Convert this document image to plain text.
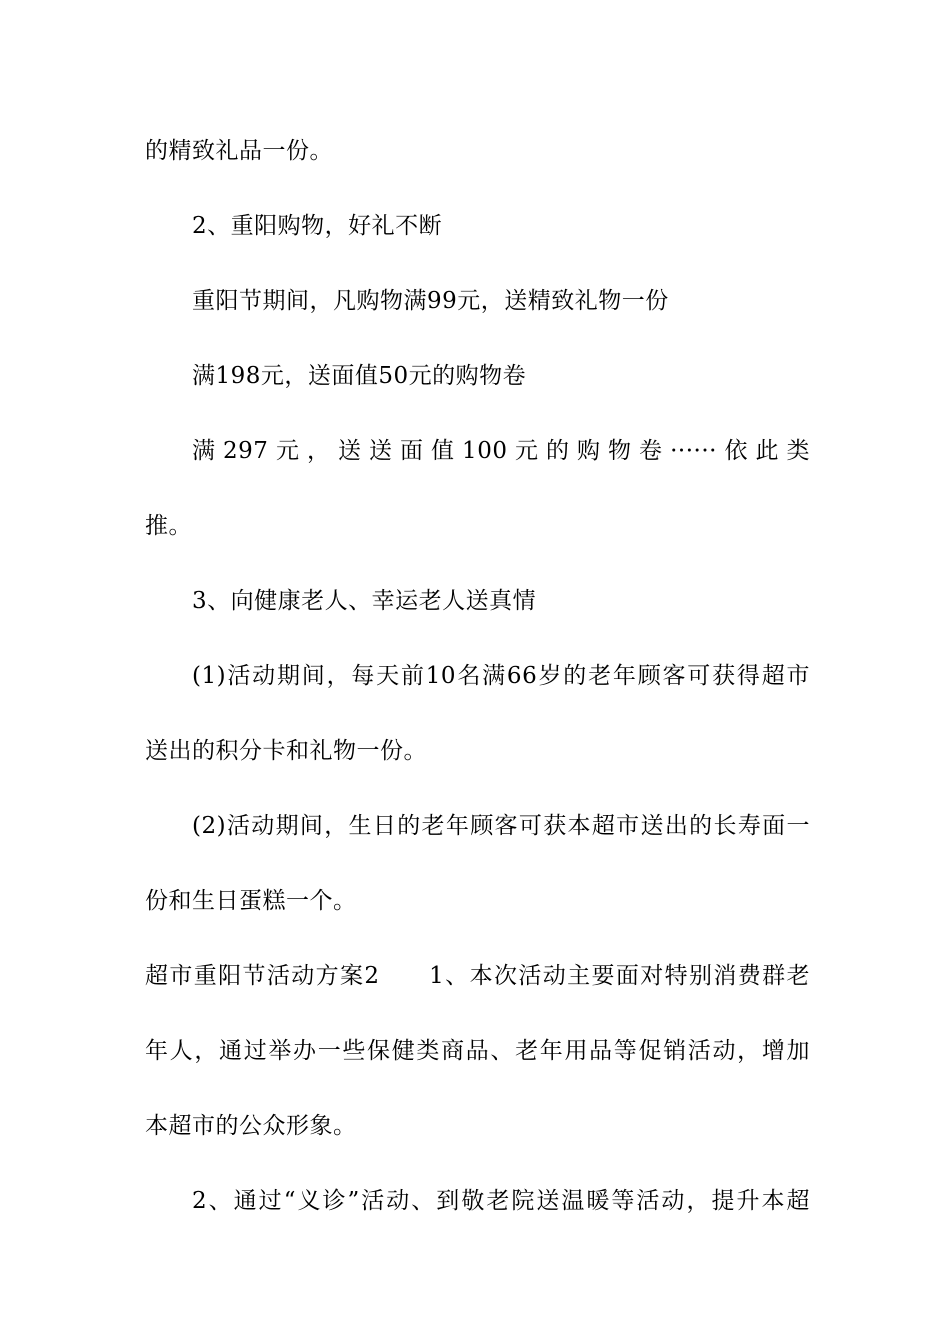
的精致礼品一份。
2、重阳购物，好礼不断
重阳节期间，凡购物满99元，送精致礼物一份
满198元，送面值50元的购物卷
满297元，送送面值100元的购物卷······依此类
推。
3、向健康老人、幸运老人送真情
(1)活动期间，每天前10名满66岁的老年顾客可获得超市
送出的积分卡和礼物一份。
(2)活动期间，生日的老年顾客可获本超市送出的长寿面一
份和生日蛋糕一个。
超市重阳节活动方案2　　1、本次活动主要面对特别消费群老
年人，通过举办一些保健类商品、老年用品等促销活动，增加
本超市的公众形象。
2、通过“义诊”活动、到敬老院送温暖等活动，提升本超
